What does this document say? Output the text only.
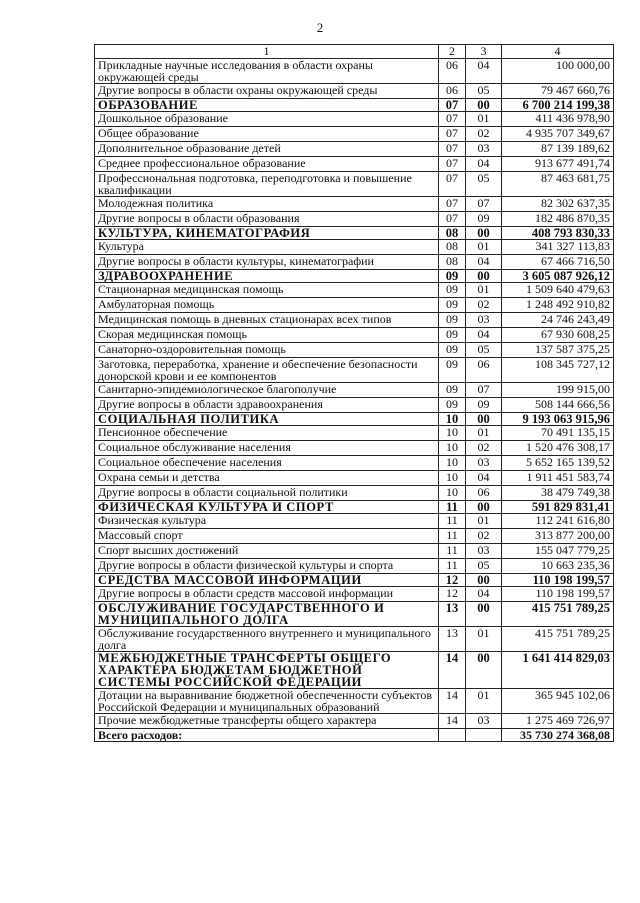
2
1	2	3	4
Прикладные научные исследования в области охраны окружающей среды	06	04	100 000,00
Другие вопросы в области охраны окружающей среды	06	05	79 467 660,76
ОБРАЗОВАНИЕ	07	00	6 700 214 199,38
Дошкольное образование	07	01	411 436 978,90
Общее образование	07	02	4 935 707 349,67
Дополнительное образование детей	07	03	87 139 189,62
Среднее профессиональное образование	07	04	913 677 491,74
Профессиональная подготовка, переподготовка и повышение квалификации	07	05	87 463 681,75
Молодежная политика	07	07	82 302 637,35
Другие вопросы в области образования	07	09	182 486 870,35
КУЛЬТУРА, КИНЕМАТОГРАФИЯ	08	00	408 793 830,33
Культура	08	01	341 327 113,83
Другие вопросы в области культуры, кинематографии	08	04	67 466 716,50
ЗДРАВООХРАНЕНИЕ	09	00	3 605 087 926,12
Стационарная медицинская помощь	09	01	1 509 640 479,63
Амбулаторная помощь	09	02	1 248 492 910,82
Медицинская помощь в дневных стационарах всех типов	09	03	24 746 243,49
Скорая медицинская помощь	09	04	67 930 608,25
Санаторно-оздоровительная помощь	09	05	137 587 375,25
Заготовка, переработка, хранение и обеспечение безопасности донорской крови и ее компонентов	09	06	108 345 727,12
Санитарно-эпидемиологическое благополучие	09	07	199 915,00
Другие вопросы в области здравоохранения	09	09	508 144 666,56
СОЦИАЛЬНАЯ ПОЛИТИКА	10	00	9 193 063 915,96
Пенсионное обеспечение	10	01	70 491 135,15
Социальное обслуживание населения	10	02	1 520 476 308,17
Социальное обеспечение населения	10	03	5 652 165 139,52
Охрана семьи и детства	10	04	1 911 451 583,74
Другие вопросы в области социальной политики	10	06	38 479 749,38
ФИЗИЧЕСКАЯ КУЛЬТУРА И СПОРТ	11	00	591 829 831,41
Физическая культура	11	01	112 241 616,80
Массовый спорт	11	02	313 877 200,00
Спорт высших достижений	11	03	155 047 779,25
Другие вопросы в области физической культуры и спорта	11	05	10 663 235,36
СРЕДСТВА МАССОВОЙ ИНФОРМАЦИИ	12	00	110 198 199,57
Другие вопросы в области средств массовой информации	12	04	110 198 199,57
ОБСЛУЖИВАНИЕ ГОСУДАРСТВЕННОГО И МУНИЦИПАЛЬНОГО ДОЛГА	13	00	415 751 789,25
Обслуживание государственного внутреннего и муниципального долга	13	01	415 751 789,25
МЕЖБЮДЖЕТНЫЕ ТРАНСФЕРТЫ ОБЩЕГО ХАРАКТЕРА БЮДЖЕТАМ БЮДЖЕТНОЙ СИСТЕМЫ РОССИЙСКОЙ ФЕДЕРАЦИИ	14	00	1 641 414 829,03
Дотации на выравнивание бюджетной обеспеченности субъектов Российской Федерации и муниципальных образований	14	01	365 945 102,06
Прочие межбюджетные трансферты общего характера	14	03	1 275 469 726,97
Всего расходов:			35 730 274 368,08
